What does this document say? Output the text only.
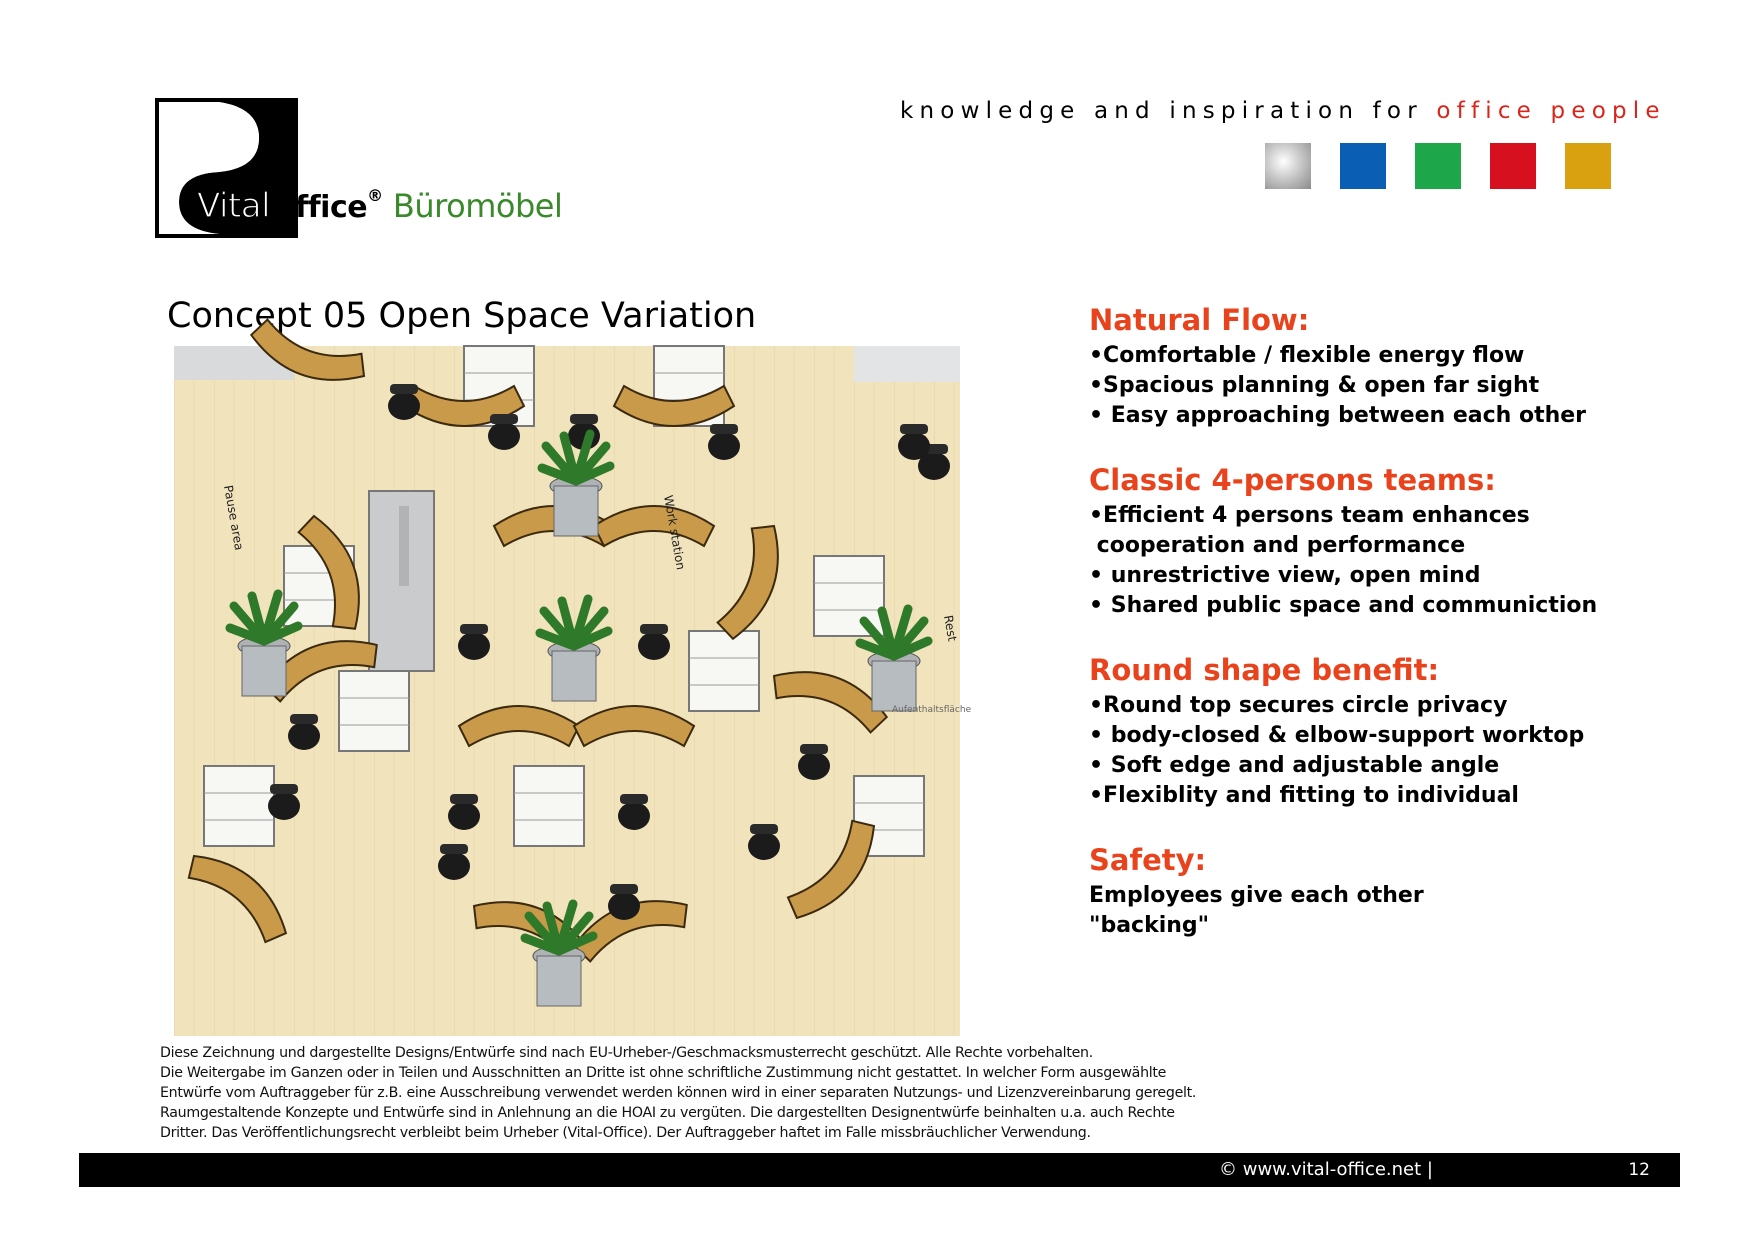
VitalOffice® Büromöbel
knowledge and inspiration for office people
Concept 05 Open Space Variation
Work station
Pause area
Rest
Aufenthaltsfläche
Natural Flow:
•Comfortable / flexible energy flow
•Spacious planning & open far sight
• Easy approaching between each other
Classic 4-persons teams:
•Efficient 4 persons team enhances
cooperation and performance
• unrestrictive view, open mind
• Shared public space and communiction
Round shape benefit:
•Round top secures circle privacy
• body-closed & elbow-support worktop
• Soft edge and adjustable angle
•Flexiblity and fitting to individual
Safety:
Employees give each other
"backing"
Diese Zeichnung und dargestellte Designs/Entwürfe sind nach EU-Urheber-/Geschmacksmusterrecht geschützt. Alle Rechte vorbehalten.
Die Weitergabe im Ganzen oder in Teilen und Ausschnitten an Dritte ist ohne schriftliche Zustimmung nicht gestattet. In welcher Form ausgewählte
Entwürfe vom Auftraggeber für z.B. eine Ausschreibung verwendet werden können wird in einer separaten Nutzungs- und Lizenzvereinbarung geregelt.
Raumgestaltende Konzepte und Entwürfe sind in Anlehnung an die HOAI zu vergüten. Die dargestellten Designentwürfe beinhalten u.a. auch Rechte
Dritter. Das Veröffentlichungsrecht verbleibt beim Urheber (Vital-Office). Der Auftraggeber haftet im Falle missbräuchlicher Verwendung.
© www.vital-office.net |	12
